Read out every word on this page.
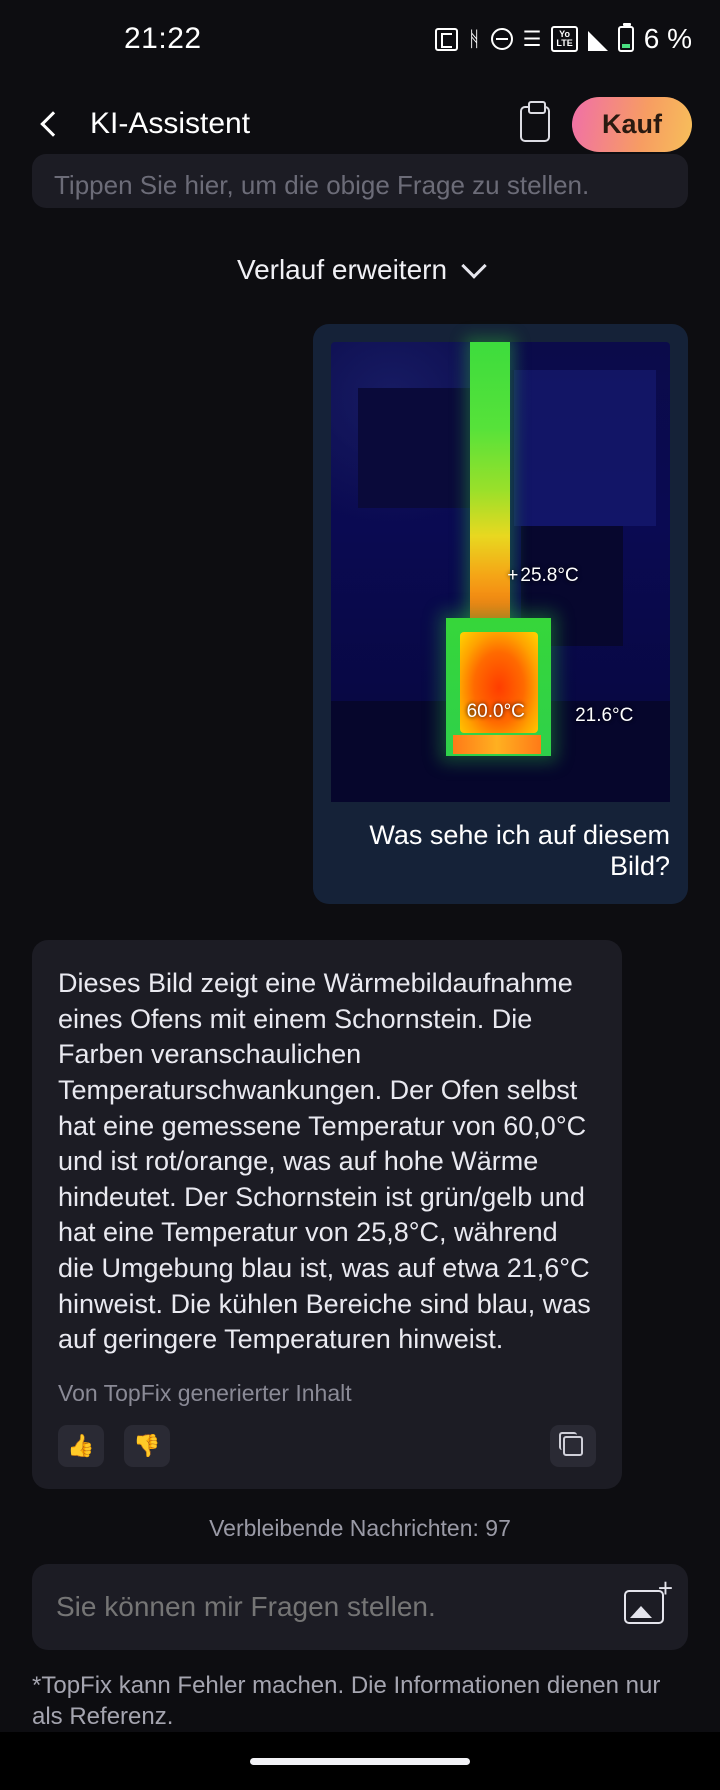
21:22	ᚻ ☰	Yo
LTE	6 %
KI-Assistent	Kauf
Tippen Sie hier, um die obige Frage zu stellen.
Verlauf erweitern
+ 25.8°C
60.0°C	21.6°C
Was sehe ich auf diesem Bild?
Dieses Bild zeigt eine Wärmebildaufnahme eines Ofens mit einem Schornstein. Die Farben veranschaulichen Temperaturschwankungen. Der Ofen selbst hat eine gemessene Temperatur von 60,0°C und ist rot/orange, was auf hohe Wärme hindeutet. Der Schornstein ist grün/gelb und hat eine Temperatur von 25,8°C, während die Umgebung blau ist, was auf etwa 21,6°C hinweist. Die kühlen Bereiche sind blau, was auf geringere Temperaturen hinweist.
Von TopFix generierter Inhalt
👍	👎
Verbleibende Nachrichten: 97
Sie können mir Fragen stellen.
+
*TopFix kann Fehler machen. Die Informationen dienen nur als Referenz.
